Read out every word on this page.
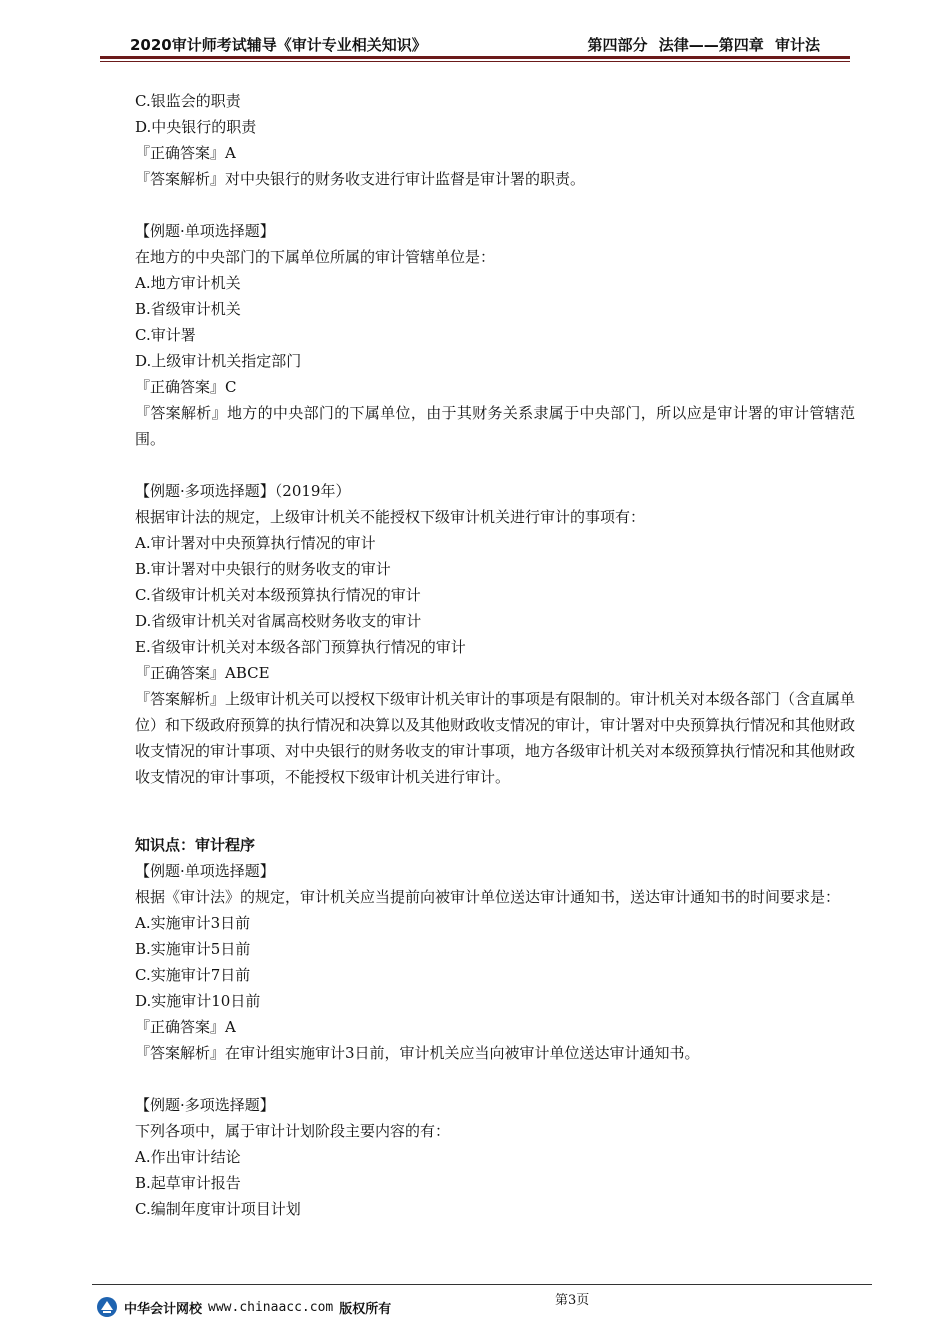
2020审计师考试辅导《审计专业相关知识》	第四部分 法律——第四章 审计法
C.银监会的职责
D.中央银行的职责
『正确答案』A
『答案解析』对中央银行的财务收支进行审计监督是审计署的职责。
【例题·单项选择题】
在地方的中央部门的下属单位所属的审计管辖单位是：
A.地方审计机关
B.省级审计机关
C.审计署
D.上级审计机关指定部门
『正确答案』C
『答案解析』地方的中央部门的下属单位，由于其财务关系隶属于中央部门，所以应是审计署的审计管辖范围。
【例题·多项选择题】（2019年）
根据审计法的规定，上级审计机关不能授权下级审计机关进行审计的事项有：
A.审计署对中央预算执行情况的审计
B.审计署对中央银行的财务收支的审计
C.省级审计机关对本级预算执行情况的审计
D.省级审计机关对省属高校财务收支的审计
E.省级审计机关对本级各部门预算执行情况的审计
『正确答案』ABCE
『答案解析』上级审计机关可以授权下级审计机关审计的事项是有限制的。审计机关对本级各部门（含直属单位）和下级政府预算的执行情况和决算以及其他财政收支情况的审计，审计署对中央预算执行情况和其他财政收支情况的审计事项、对中央银行的财务收支的审计事项，地方各级审计机关对本级预算执行情况和其他财政收支情况的审计事项，不能授权下级审计机关进行审计。
知识点：审计程序
【例题·单项选择题】
根据《审计法》的规定，审计机关应当提前向被审计单位送达审计通知书，送达审计通知书的时间要求是：
A.实施审计3日前
B.实施审计5日前
C.实施审计7日前
D.实施审计10日前
『正确答案』A
『答案解析』在审计组实施审计3日前，审计机关应当向被审计单位送达审计通知书。
【例题·多项选择题】
下列各项中，属于审计计划阶段主要内容的有：
A.作出审计结论
B.起草审计报告
C.编制年度审计项目计划
中华会计网校 www.chinaacc.com 版权所有
第3页
